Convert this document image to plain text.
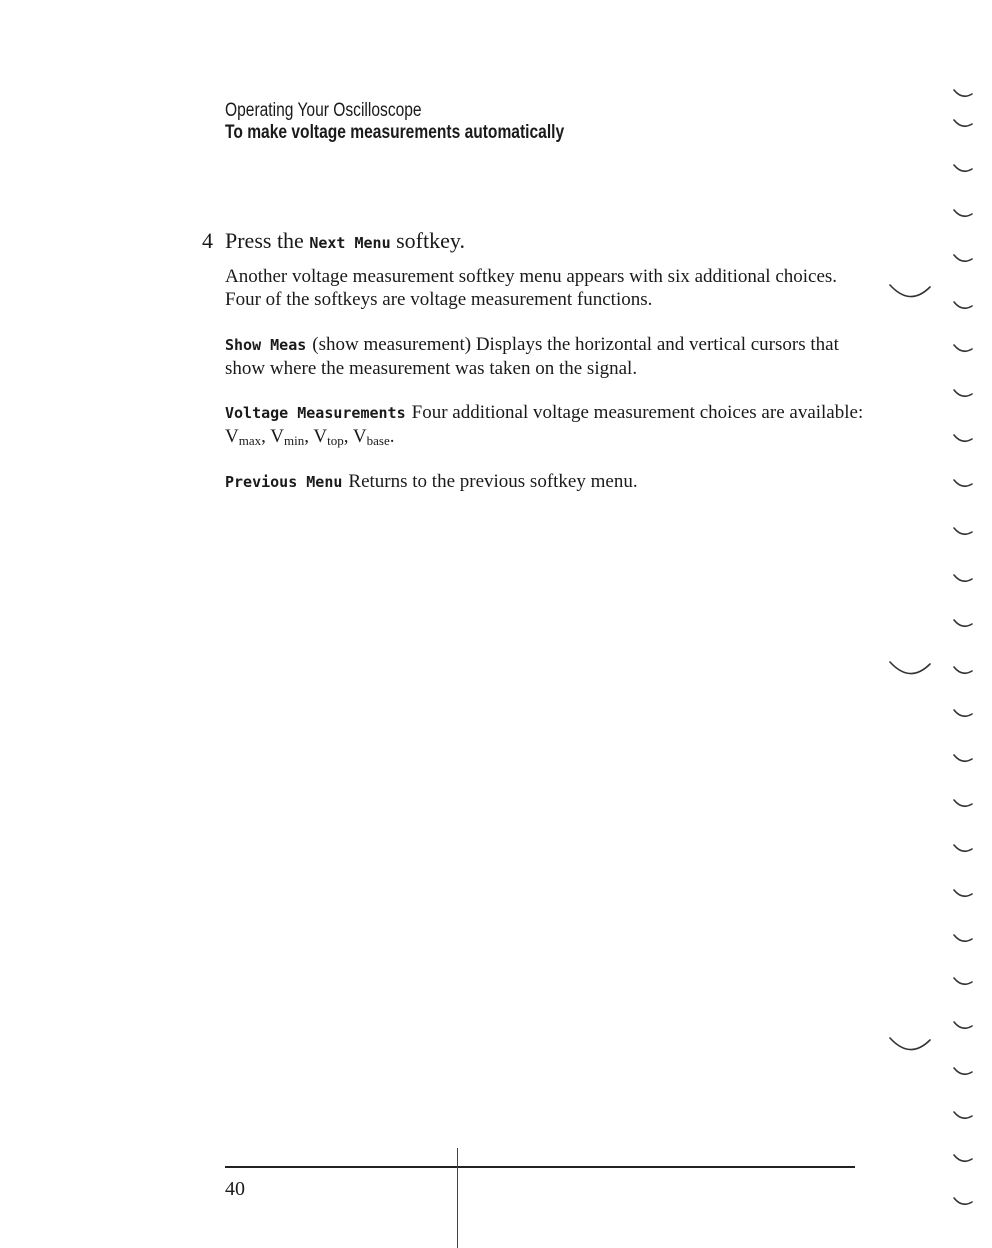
Operating Your Oscilloscope
To make voltage measurements automatically
4 Press the Next Menu softkey.
Another voltage measurement softkey menu appears with six additional choices. Four of the softkeys are voltage measurement functions.
Show Meas (show measurement) Displays the horizontal and vertical cursors that show where the measurement was taken on the signal.
Voltage Measurements Four additional voltage measurement choices are available: $V_{max}$, $V_{min}$, $V_{top}$, $V_{base}$.
Previous Menu Returns to the previous softkey menu.
40
